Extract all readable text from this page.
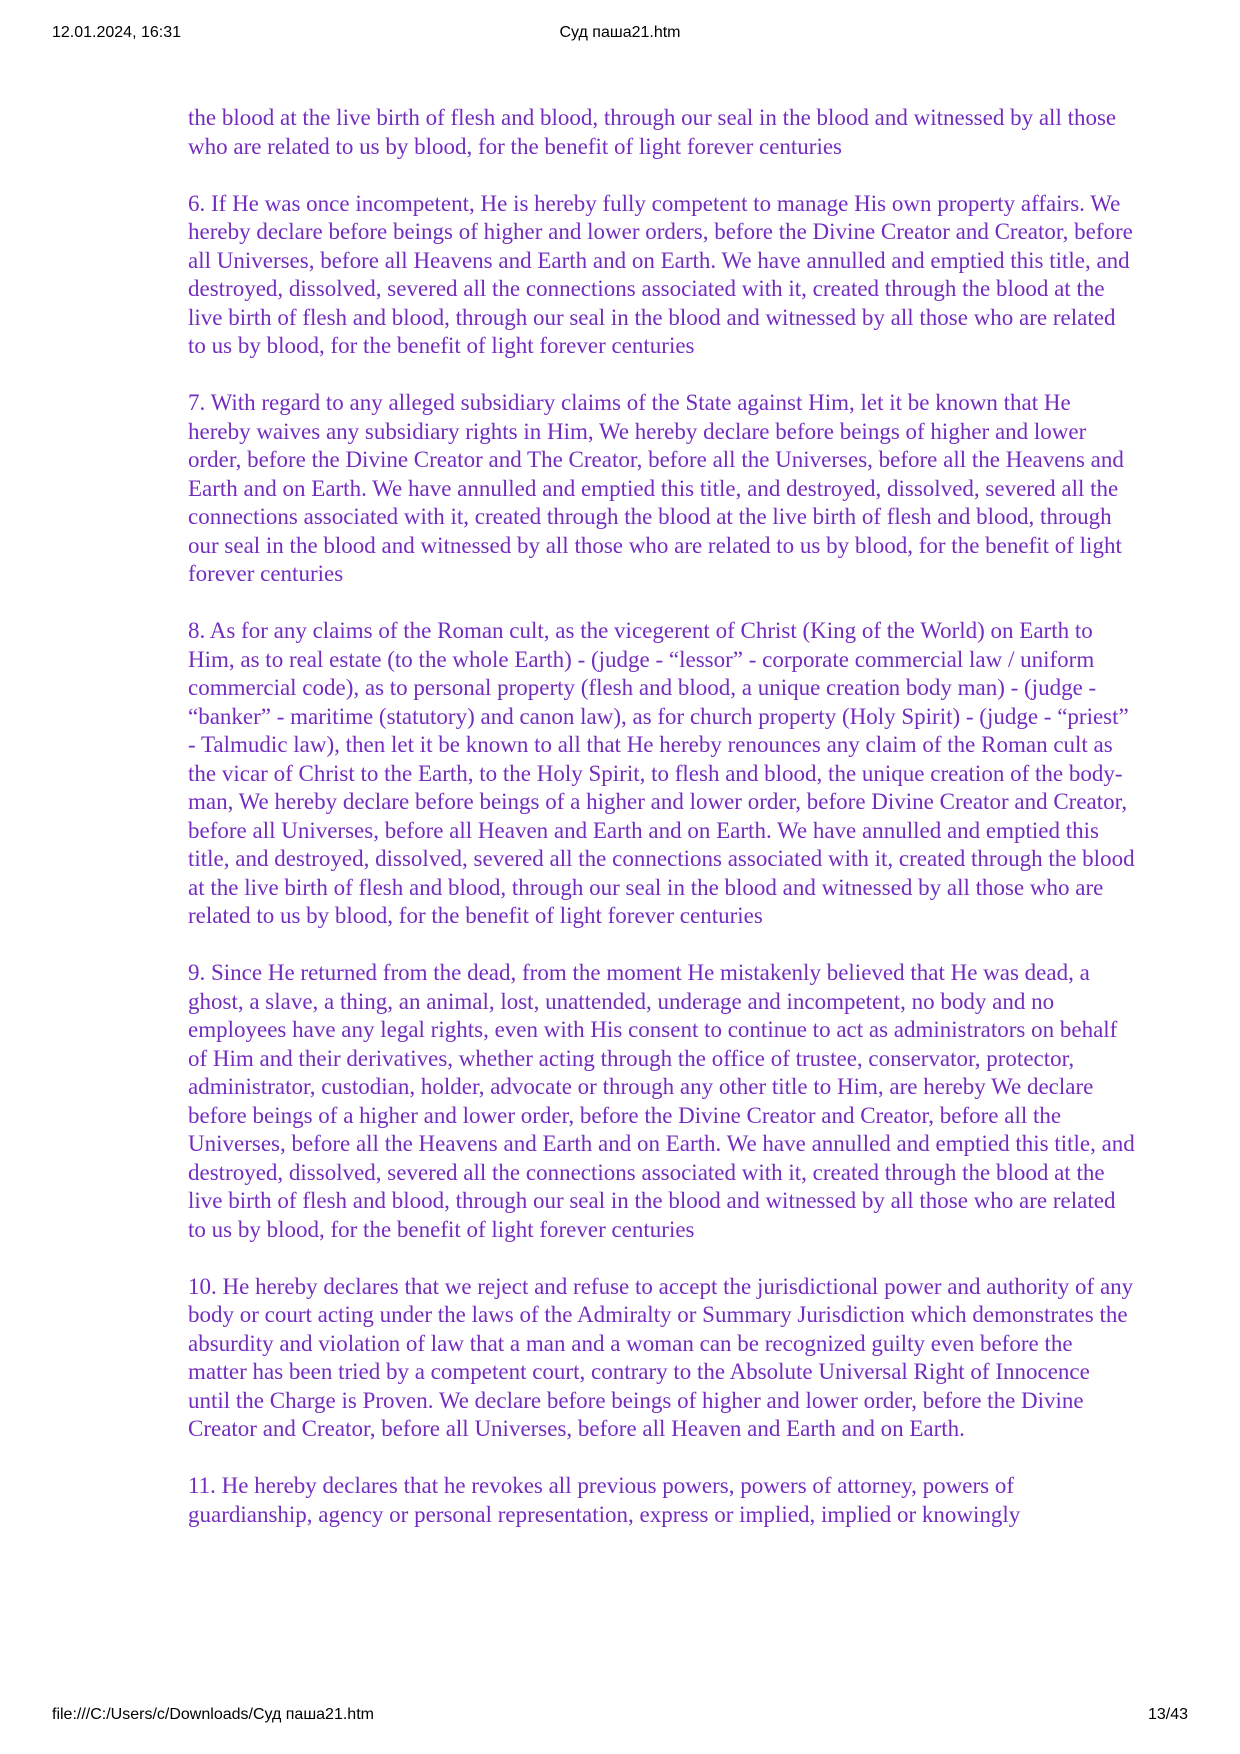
12.01.2024, 16:31	Суд паша21.htm

the blood at the live birth of flesh and blood, through our seal in the blood and witnessed by all those who are related to us by blood, for the benefit of light forever centuries

6. If He was once incompetent, He is hereby fully competent to manage His own property affairs. We hereby declare before beings of higher and lower orders, before the Divine Creator and Creator, before all Universes, before all Heavens and Earth and on Earth. We have annulled and emptied this title, and destroyed, dissolved, severed all the connections associated with it, created through the blood at the live birth of flesh and blood, through our seal in the blood and witnessed by all those who are related to us by blood, for the benefit of light forever centuries

7. With regard to any alleged subsidiary claims of the State against Him, let it be known that He hereby waives any subsidiary rights in Him, We hereby declare before beings of higher and lower order, before the Divine Creator and The Creator, before all the Universes, before all the Heavens and Earth and on Earth. We have annulled and emptied this title, and destroyed, dissolved, severed all the connections associated with it, created through the blood at the live birth of flesh and blood, through our seal in the blood and witnessed by all those who are related to us by blood, for the benefit of light forever centuries

8. As for any claims of the Roman cult, as the vicegerent of Christ (King of the World) on Earth to Him, as to real estate (to the whole Earth) - (judge - “lessor” - corporate commercial law / uniform commercial code), as to personal property (flesh and blood, a unique creation body man) - (judge - “banker” - maritime (statutory) and canon law), as for church property (Holy Spirit) - (judge - “priest” - Talmudic law), then let it be known to all that He hereby renounces any claim of the Roman cult as the vicar of Christ to the Earth, to the Holy Spirit, to flesh and blood, the unique creation of the body-man, We hereby declare before beings of a higher and lower order, before Divine Creator and Creator, before all Universes, before all Heaven and Earth and on Earth. We have annulled and emptied this title, and destroyed, dissolved, severed all the connections associated with it, created through the blood at the live birth of flesh and blood, through our seal in the blood and witnessed by all those who are related to us by blood, for the benefit of light forever centuries

9. Since He returned from the dead, from the moment He mistakenly believed that He was dead, a ghost, a slave, a thing, an animal, lost, unattended, underage and incompetent, no body and no employees have any legal rights, even with His consent to continue to act as administrators on behalf of Him and their derivatives, whether acting through the office of trustee, conservator, protector, administrator, custodian, holder, advocate or through any other title to Him, are hereby We declare before beings of a higher and lower order, before the Divine Creator and Creator, before all the Universes, before all the Heavens and Earth and on Earth. We have annulled and emptied this title, and destroyed, dissolved, severed all the connections associated with it, created through the blood at the live birth of flesh and blood, through our seal in the blood and witnessed by all those who are related to us by blood, for the benefit of light forever centuries

10. He hereby declares that we reject and refuse to accept the jurisdictional power and authority of any body or court acting under the laws of the Admiralty or Summary Jurisdiction which demonstrates the absurdity and violation of law that a man and a woman can be recognized guilty even before the matter has been tried by a competent court, contrary to the Absolute Universal Right of Innocence until the Charge is Proven. We declare before beings of higher and lower order, before the Divine Creator and Creator, before all Universes, before all Heaven and Earth and on Earth.

11. He hereby declares that he revokes all previous powers, powers of attorney, powers of guardianship, agency or personal representation, express or implied, implied or knowingly

file:///C:/Users/c/Downloads/Суд паша21.htm	13/43
